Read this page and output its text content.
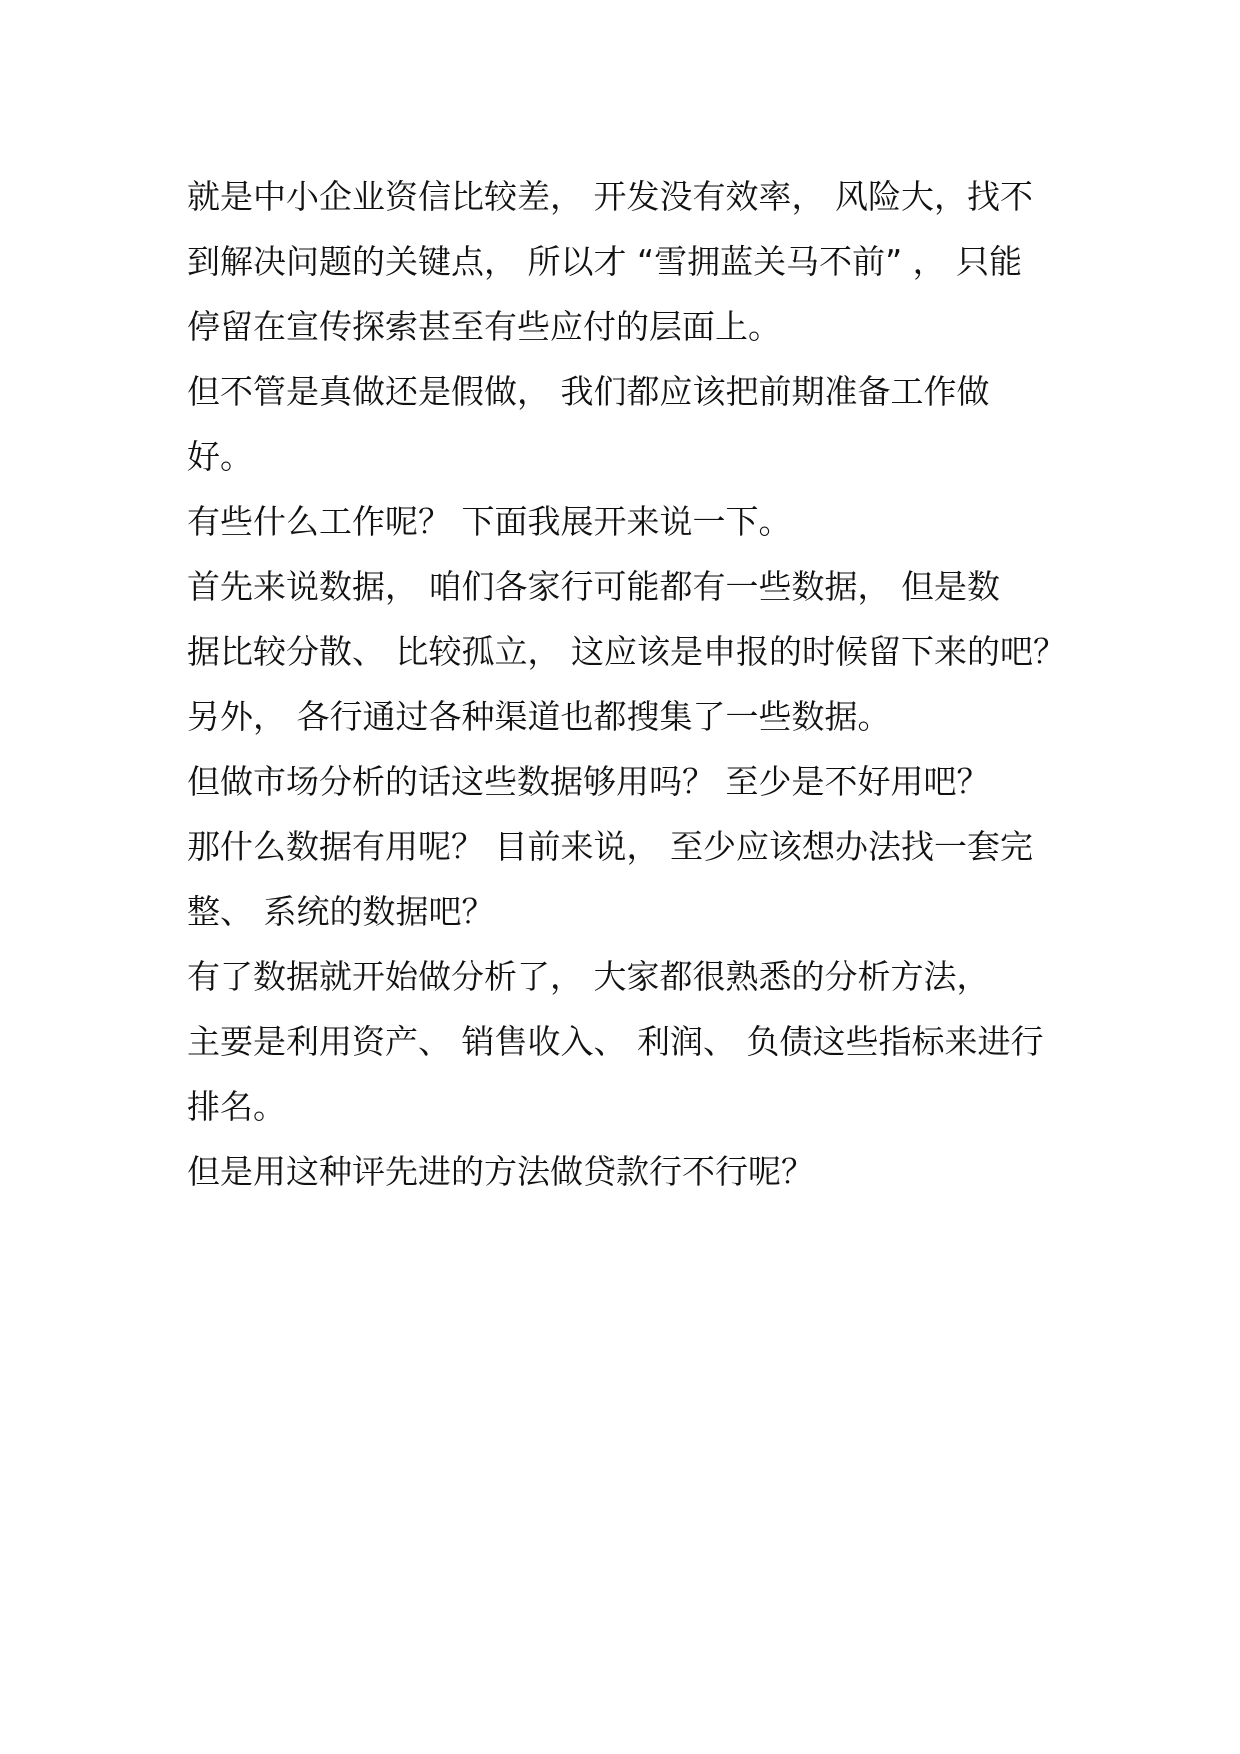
就是中小企业资信比较差， 开发没有效率， 风险大，找不

到解决问题的关键点， 所以才 “雪拥蓝关马不前” ， 只能

停留在宣传探索甚至有些应付的层面上。

但不管是真做还是假做， 我们都应该把前期准备工作做

好。

有些什么工作呢？ 下面我展开来说一下。

首先来说数据， 咱们各家行可能都有一些数据， 但是数

据比较分散、 比较孤立， 这应该是申报的时候留下来的吧？

另外， 各行通过各种渠道也都搜集了一些数据。

但做市场分析的话这些数据够用吗？ 至少是不好用吧？

那什么数据有用呢？ 目前来说， 至少应该想办法找一套完

整、 系统的数据吧？

有了数据就开始做分析了， 大家都很熟悉的分析方法，

主要是利用资产、 销售收入、 利润、 负债这些指标来进行

排名。

但是用这种评先进的方法做贷款行不行呢？
